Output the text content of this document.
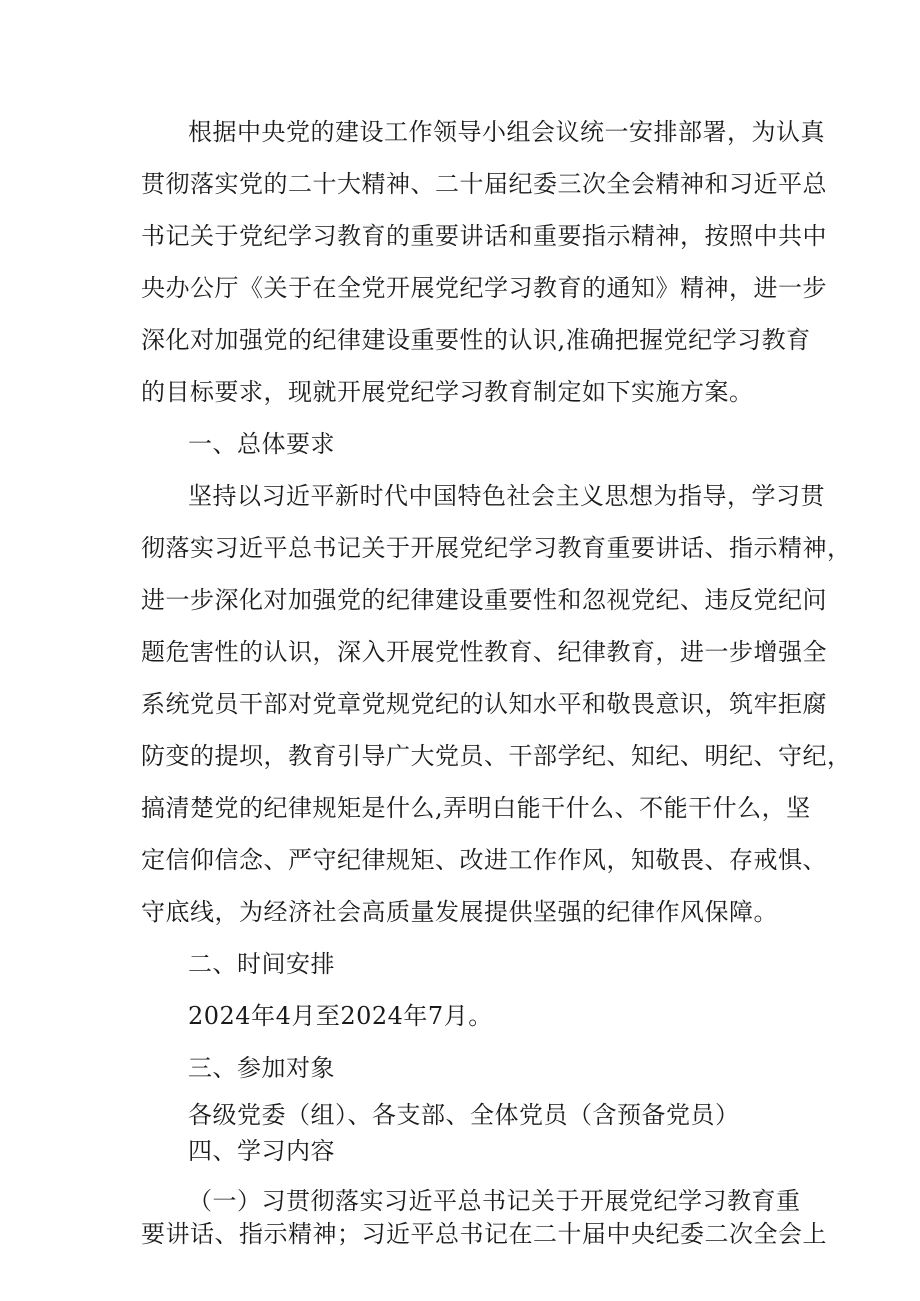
根据中央党的建设工作领导小组会议统一安排部署，为认真
贯彻落实党的二十大精神、二十届纪委三次全会精神和习近平总
书记关于党纪学习教育的重要讲话和重要指示精神，按照中共中
央办公厅《关于在全党开展党纪学习教育的通知》精神，进一步
深化对加强党的纪律建设重要性的认识,准确把握党纪学习教育
的目标要求，现就开展党纪学习教育制定如下实施方案。
一、总体要求
坚持以习近平新时代中国特色社会主义思想为指导，学习贯
彻落实习近平总书记关于开展党纪学习教育重要讲话、指示精神，
进一步深化对加强党的纪律建设重要性和忽视党纪、违反党纪问
题危害性的认识，深入开展党性教育、纪律教育，进一步增强全
系统党员干部对党章党规党纪的认知水平和敬畏意识，筑牢拒腐
防变的提坝，教育引导广大党员、干部学纪、知纪、明纪、守纪，
搞清楚党的纪律规矩是什么,弄明白能干什么、不能干什么，坚
定信仰信念、严守纪律规矩、改进工作作风，知敬畏、存戒惧、
守底线，为经济社会高质量发展提供坚强的纪律作风保障。
二、时间安排
2024年4月至2024年7月。
三、参加对象
各级党委（组）、各支部、全体党员（含预备党员）
四、学习内容
（一）习贯彻落实习近平总书记关于开展党纪学习教育重
要讲话、指示精神；习近平总书记在二十届中央纪委二次全会上
